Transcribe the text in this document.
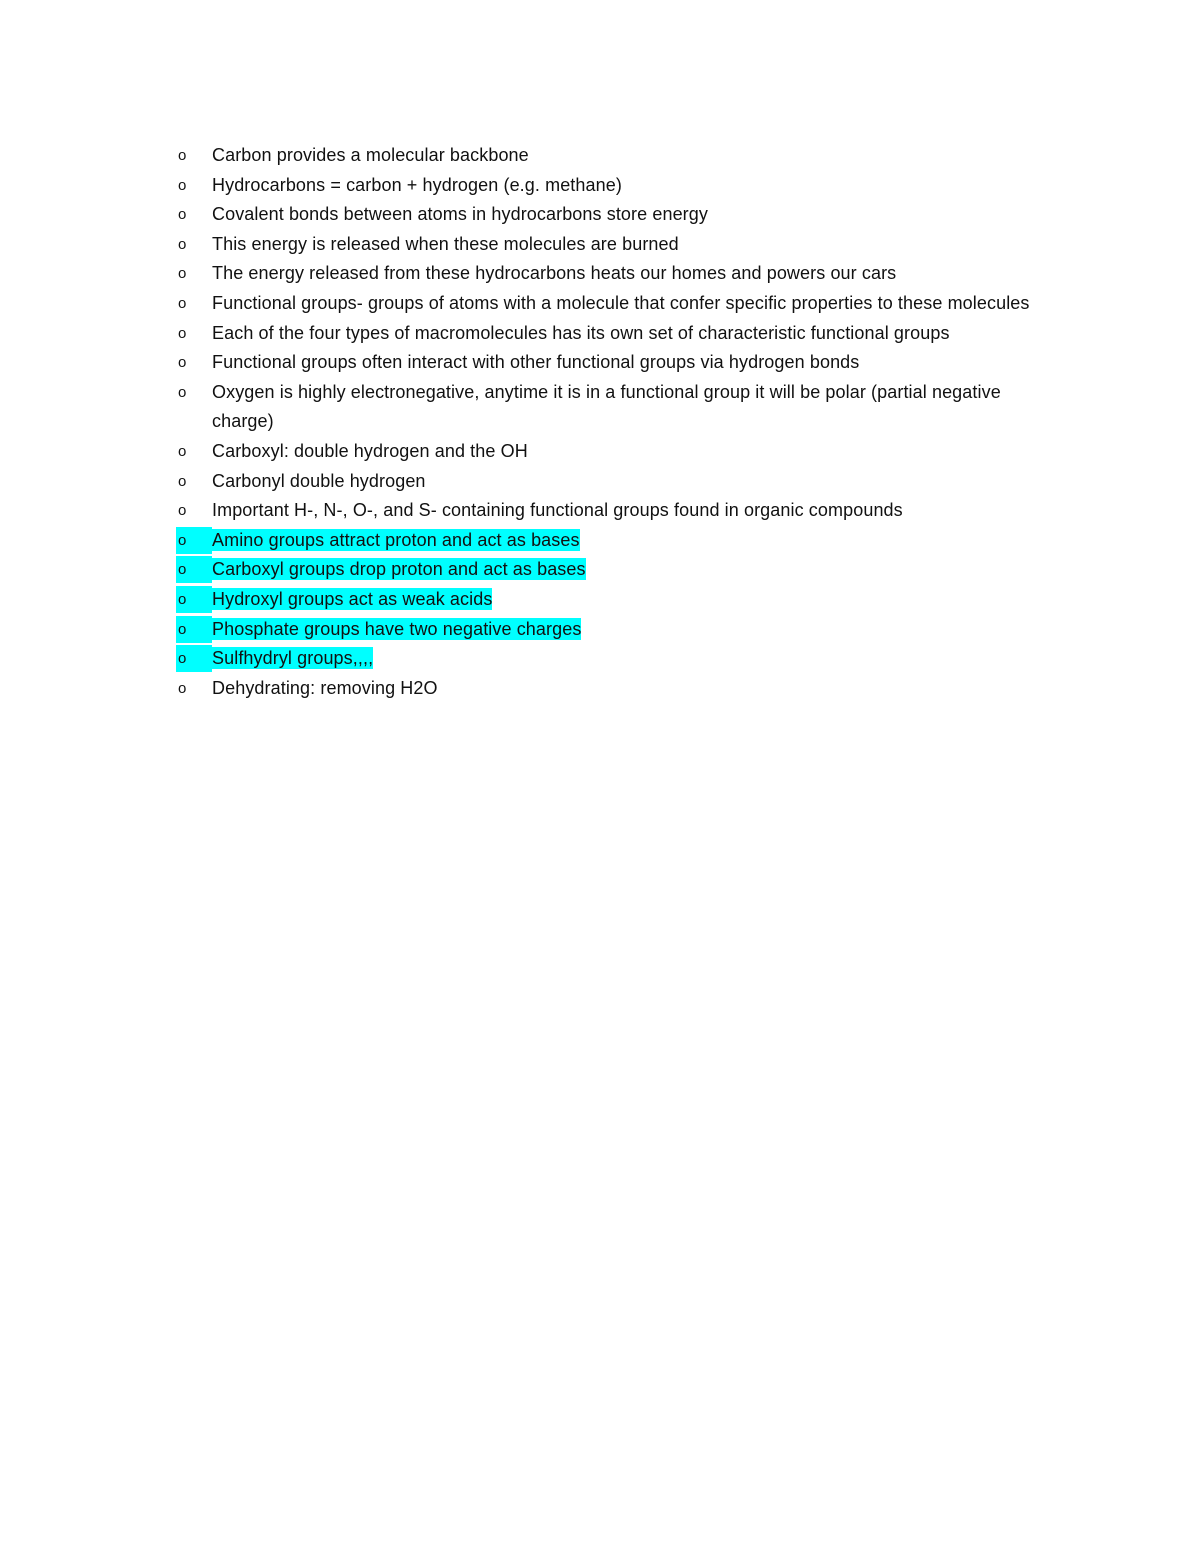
o	Carbon provides a molecular backbone
o	Hydrocarbons = carbon + hydrogen (e.g. methane)
o	Covalent bonds between atoms in hydrocarbons store energy
o	This energy is released when these molecules are burned
o	The energy released from these hydrocarbons heats our homes and powers our cars
o	Functional groups- groups of atoms with a molecule that confer specific properties to these molecules
o	Each of the four types of macromolecules has its own set of characteristic functional groups
o	Functional groups often interact with other functional groups via hydrogen bonds
o	Oxygen is highly electronegative, anytime it is in a functional group it will be polar (partial negative charge)
o	Carboxyl: double hydrogen and the OH
o	Carbonyl double hydrogen
o	Important H-, N-, O-, and S- containing functional groups found in organic compounds
o	Amino groups attract proton and act as bases
o	Carboxyl groups drop proton and act as bases
o	Hydroxyl groups act as weak acids
o	Phosphate groups have two negative charges
o	Sulfhydryl groups,,,,
o	Dehydrating: removing H2O
